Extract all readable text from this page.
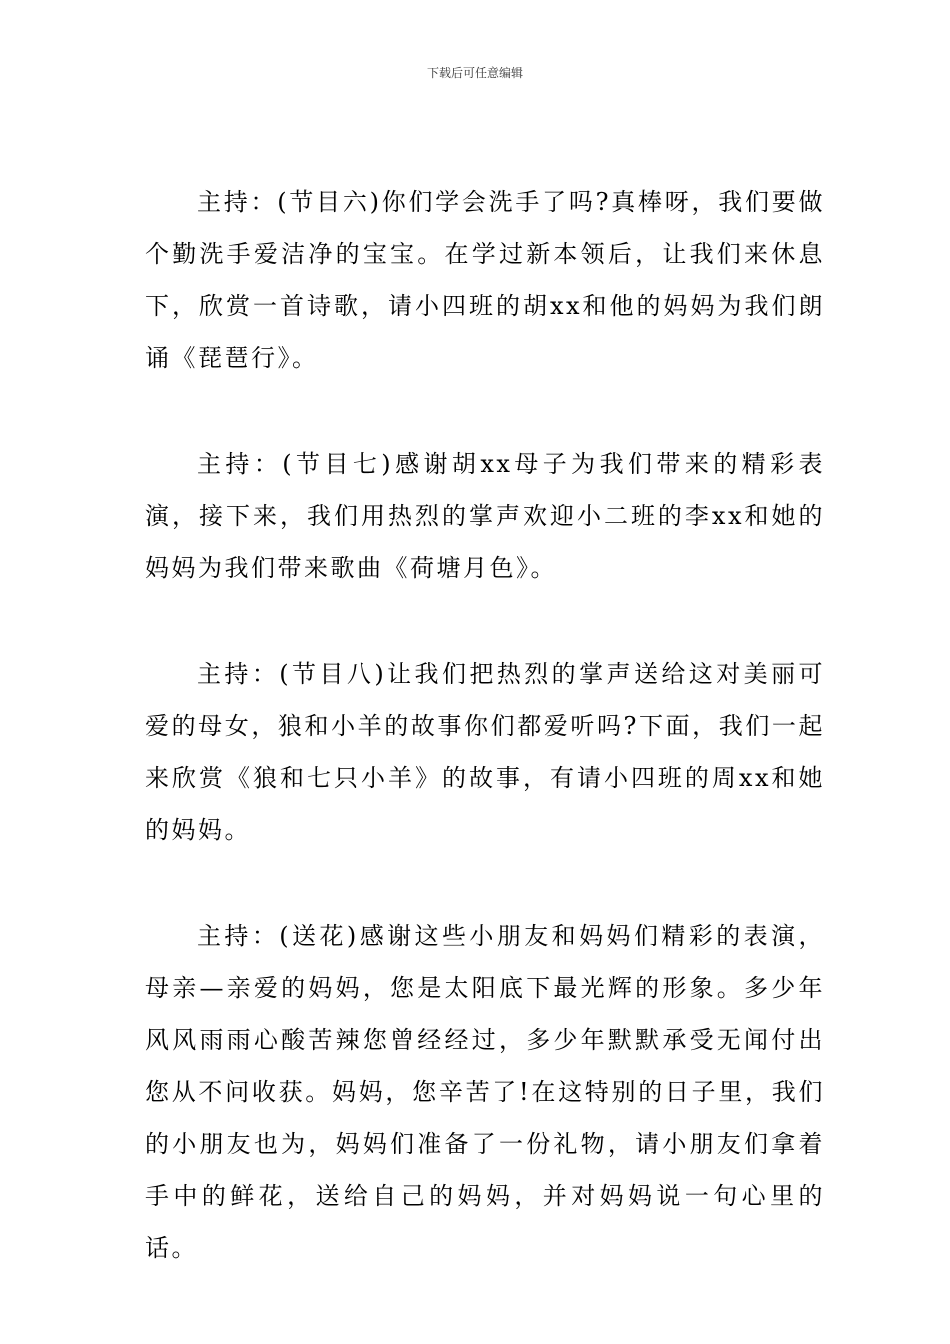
下载后可任意编辑

主持：(节目六)你们学会洗手了吗?真棒呀，我们要做个勤洗手爱洁净的宝宝。在学过新本领后，让我们来休息下，欣赏一首诗歌，请小四班的胡xx和他的妈妈为我们朗诵《琵琶行》。

主持：(节目七)感谢胡xx母子为我们带来的精彩表演，接下来，我们用热烈的掌声欢迎小二班的李xx和她的妈妈为我们带来歌曲《荷塘月色》。

主持：(节目八)让我们把热烈的掌声送给这对美丽可爱的母女，狼和小羊的故事你们都爱听吗?下面，我们一起来欣赏《狼和七只小羊》的故事，有请小四班的周xx和她的妈妈。

主持：(送花)感谢这些小朋友和妈妈们精彩的表演，母亲—亲爱的妈妈，您是太阳底下最光辉的形象。多少年风风雨雨心酸苦辣您曾经经过，多少年默默承受无闻付出您从不问收获。妈妈，您辛苦了!在这特别的日子里，我们的小朋友也为，妈妈们准备了一份礼物，请小朋友们拿着手中的鲜花，送给自己的妈妈，并对妈妈说一句心里的话。
